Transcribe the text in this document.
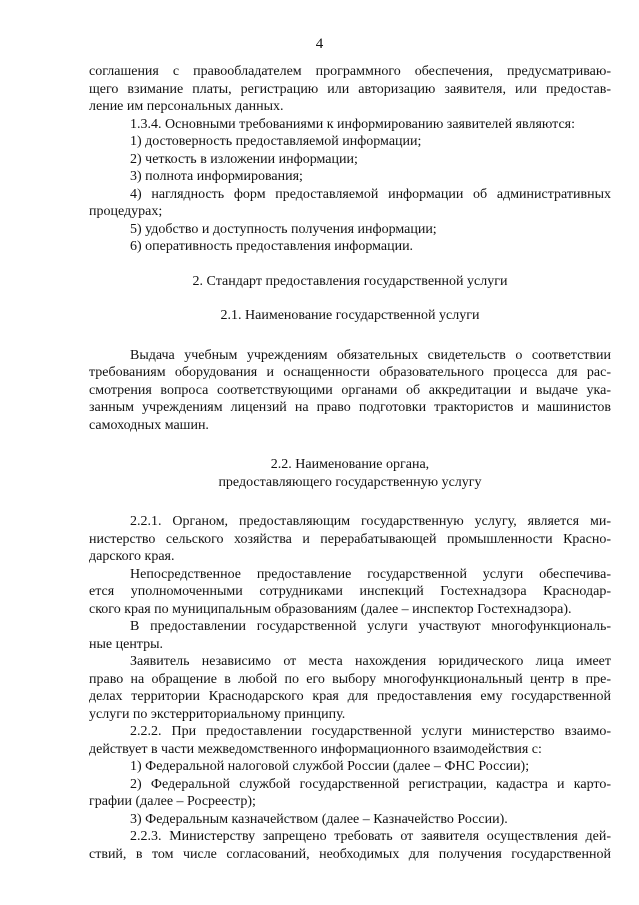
4
соглашения с правообладателем программного обеспечения, предусматриваю-
щего взимание платы, регистрацию или авторизацию заявителя, или предостав-
ление им персональных данных.
1.3.4. Основными требованиями к информированию заявителей являются:
1) достоверность предоставляемой информации;
2) четкость в изложении информации;
3) полнота информирования;
4) наглядность форм предоставляемой информации об административных
процедурах;
5) удобство и доступность получения информации;
6) оперативность предоставления информации.
2. Стандарт предоставления государственной услуги
2.1. Наименование государственной услуги
Выдача учебным учреждениям обязательных свидетельств о соответствии
требованиям оборудования и оснащенности образовательного процесса для рас-
смотрения вопроса соответствующими органами об аккредитации и выдаче ука-
занным учреждениям лицензий на право подготовки трактористов и машинистов
самоходных машин.
2.2. Наименование органа,
предоставляющего государственную услугу
2.2.1. Органом, предоставляющим государственную услугу, является ми-
нистерство сельского хозяйства и перерабатывающей промышленности Красно-
дарского края.
Непосредственное предоставление государственной услуги обеспечива-
ется уполномоченными сотрудниками инспекций Гостехнадзора Краснодар-
ского края по муниципальным образованиям (далее – инспектор Гостехнадзора).
В предоставлении государственной услуги участвуют многофункциональ-
ные центры.
Заявитель независимо от места нахождения юридического лица имеет
право на обращение в любой по его выбору многофункциональный центр в пре-
делах территории Краснодарского края для предоставления ему государственной
услуги по экстерриториальному принципу.
2.2.2. При предоставлении государственной услуги министерство взаимо-
действует в части межведомственного информационного взаимодействия с:
1) Федеральной налоговой службой России (далее – ФНС России);
2) Федеральной службой государственной регистрации, кадастра и карто-
графии (далее – Росреестр);
3) Федеральным казначейством (далее – Казначейство России).
2.2.3. Министерству запрещено требовать от заявителя осуществления дей-
ствий, в том числе согласований, необходимых для получения государственной
